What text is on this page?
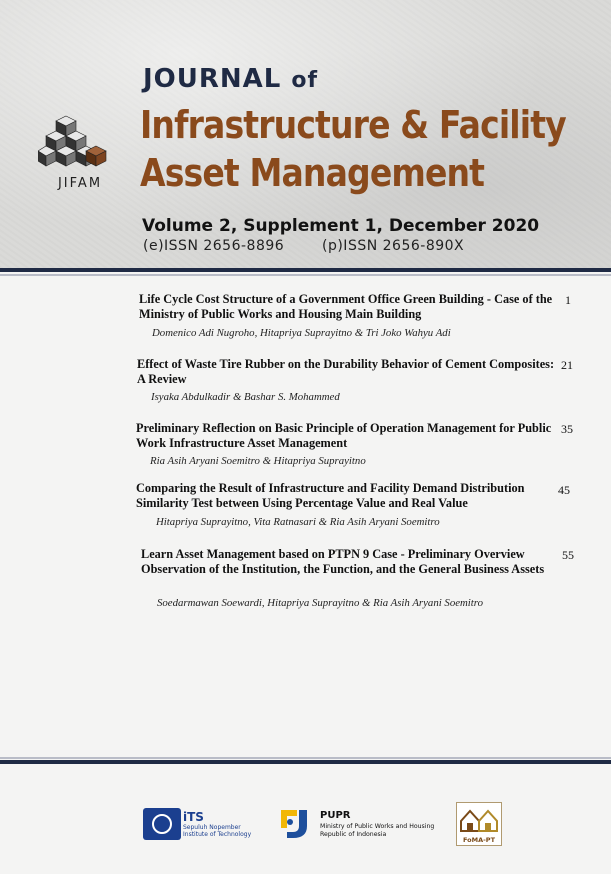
JIFAM
JOURNAL of
Infrastructure & Facility
Asset Management
Volume 2, Supplement 1, December 2020
(e)ISSN 2656-8896	(p)ISSN 2656-890X
Life Cycle Cost Structure of a Government Office Green Building - Case of the Ministry of Public Works and Housing Main Building
Domenico Adi Nugroho, Hitapriya Suprayitno & Tri Joko Wahyu Adi
1
Effect of Waste Tire Rubber on the Durability Behavior of Cement Composites: A Review
Isyaka Abdulkadir & Bashar S. Mohammed
21
Preliminary Reflection on Basic Principle of Operation Management for Public Work Infrastructure Asset Management
Ria Asih Aryani Soemitro & Hitapriya Suprayitno
35
Comparing the Result of Infrastructure and Facility Demand Distribution Similarity Test between Using Percentage Value and Real Value
Hitapriya Suprayitno, Vita Ratnasari & Ria Asih Aryani Soemitro
45
Learn Asset Management based on PTPN 9 Case - Preliminary Overview Observation of the Institution, the Function, and the General Business Assets
Soedarmawan Soewardi, Hitapriya Suprayitno & Ria Asih Aryani Soemitro
55
iTS
Sepuluh Nopember Institute of Technology
PUPR
Ministry of Public Works and Housing Republic of Indonesia
FoMA-PT
